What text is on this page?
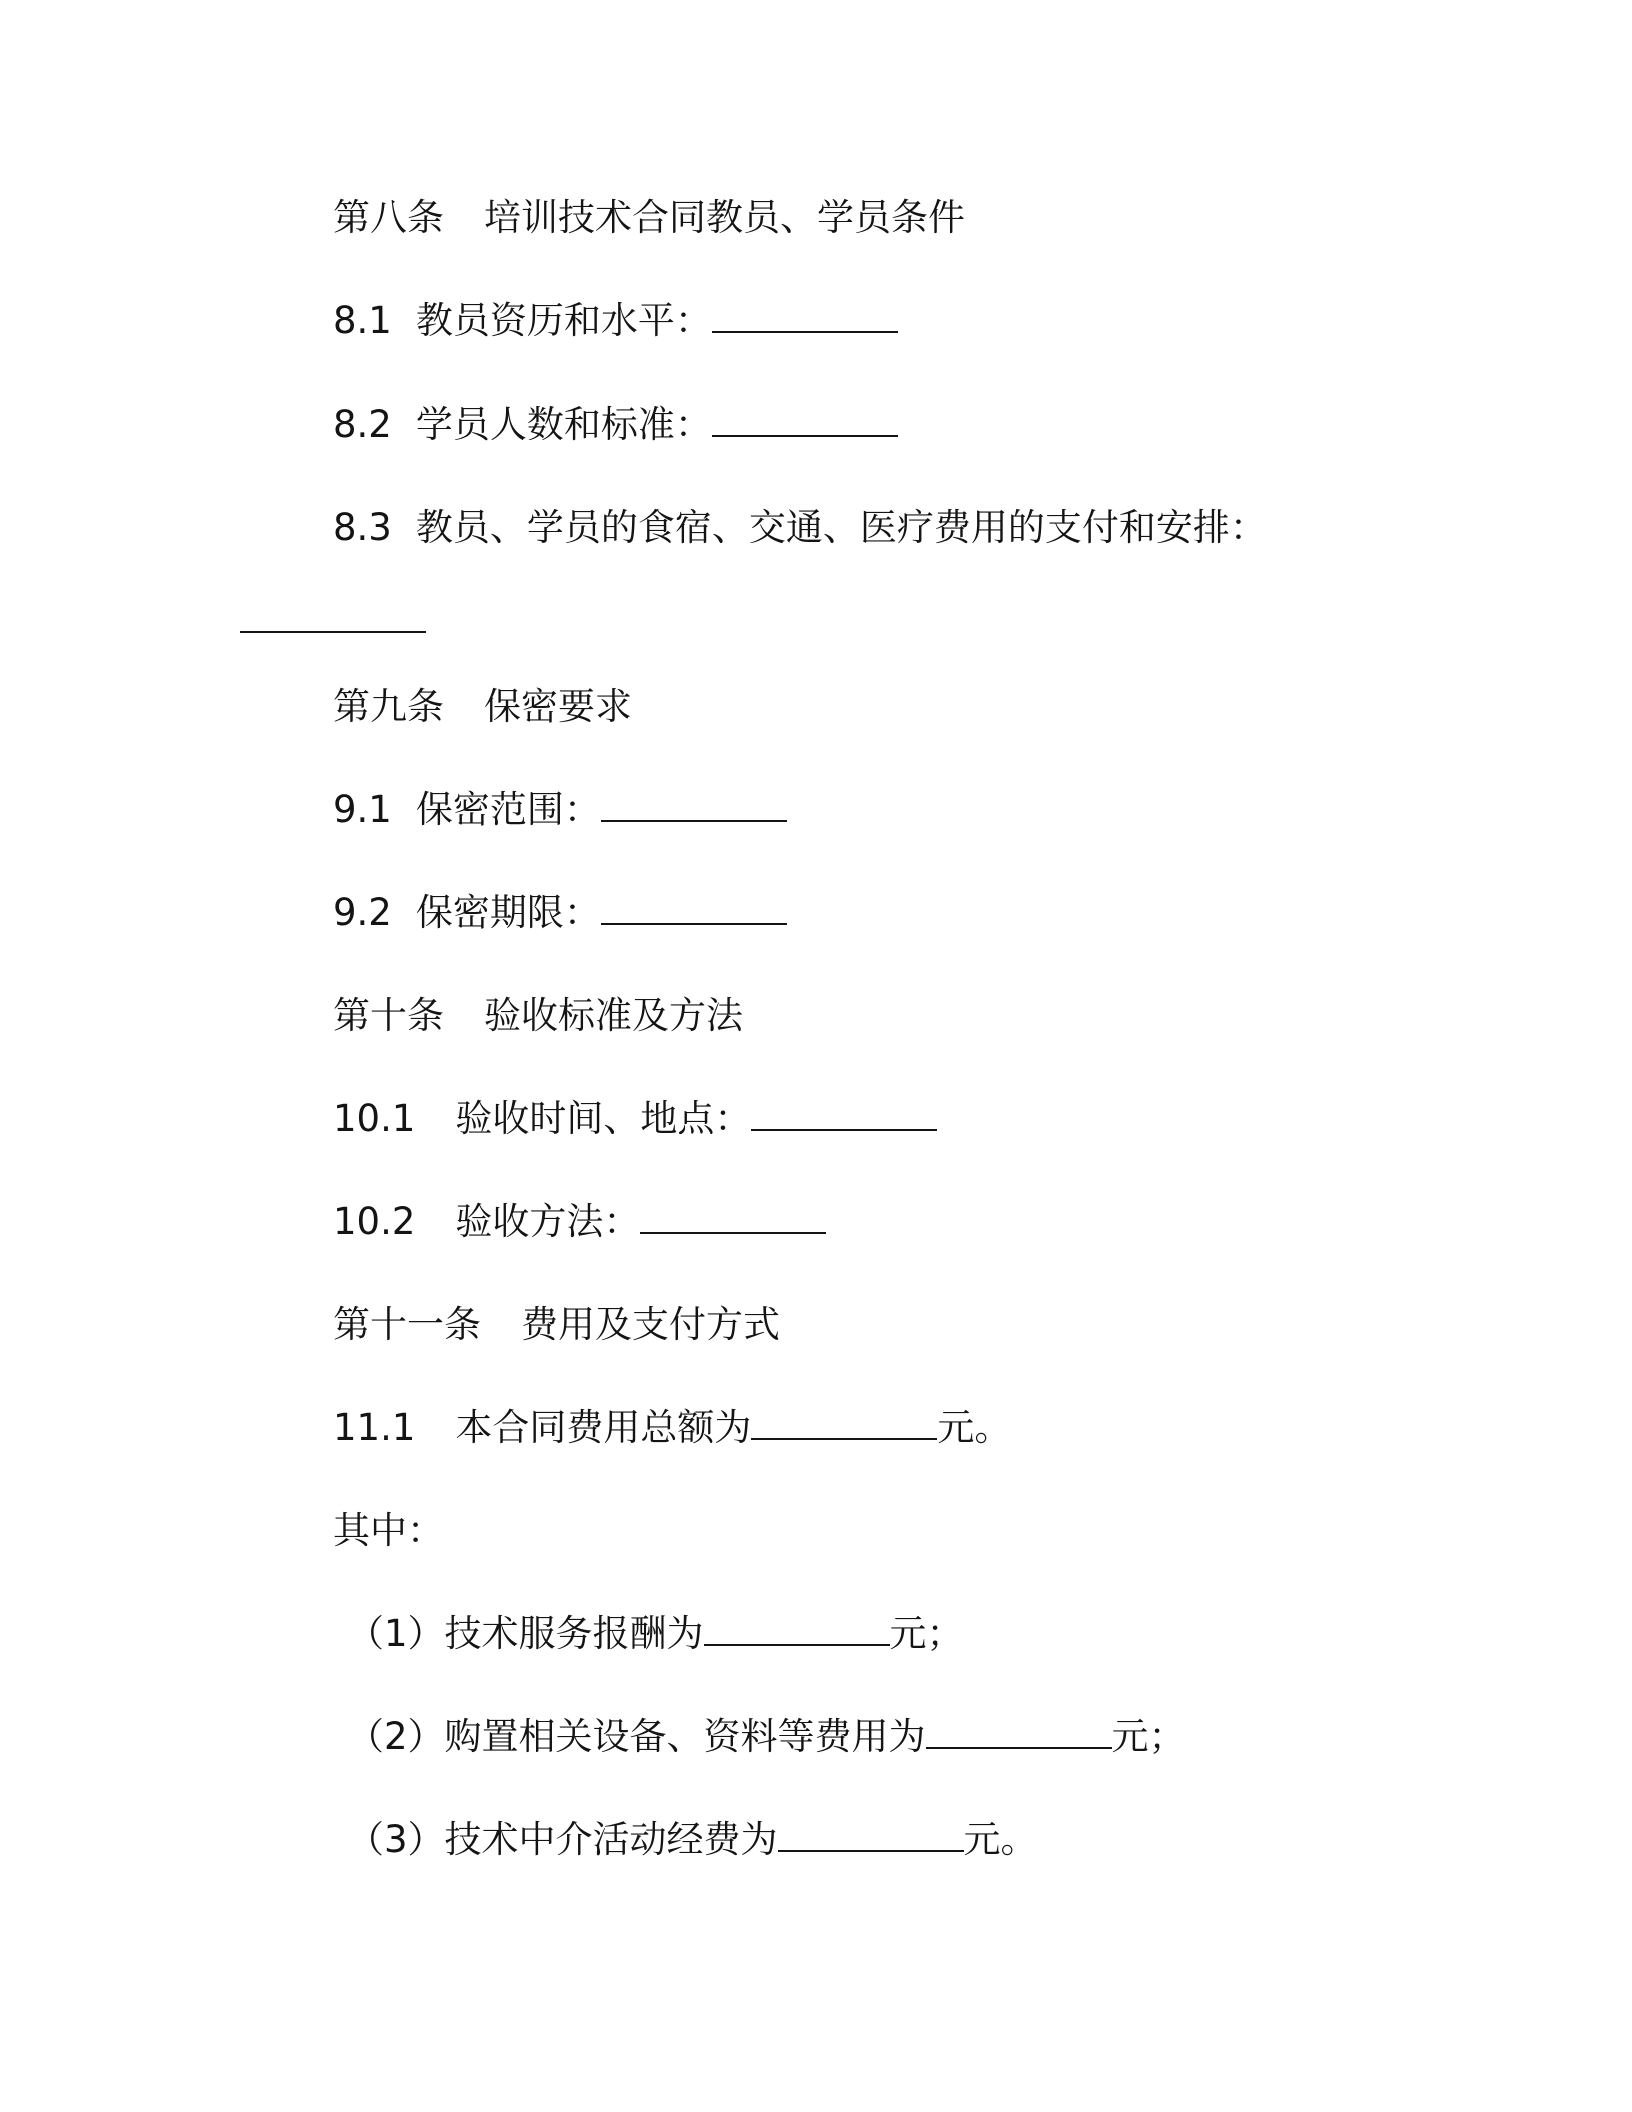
第八条 培训技术合同教员、学员条件
8.1 教员资历和水平：
8.2 学员人数和标准：
8.3 教员、学员的食宿、交通、医疗费用的支付和安排：
第九条 保密要求
9.1 保密范围：
9.2 保密期限：
第十条 验收标准及方法
10.1 验收时间、地点：
10.2 验收方法：
第十一条 费用及支付方式
11.1 本合同费用总额为	元。
其中：
（1）技术服务报酬为	元；
（2）购置相关设备、资料等费用为	元；
（3）技术中介活动经费为	元。
